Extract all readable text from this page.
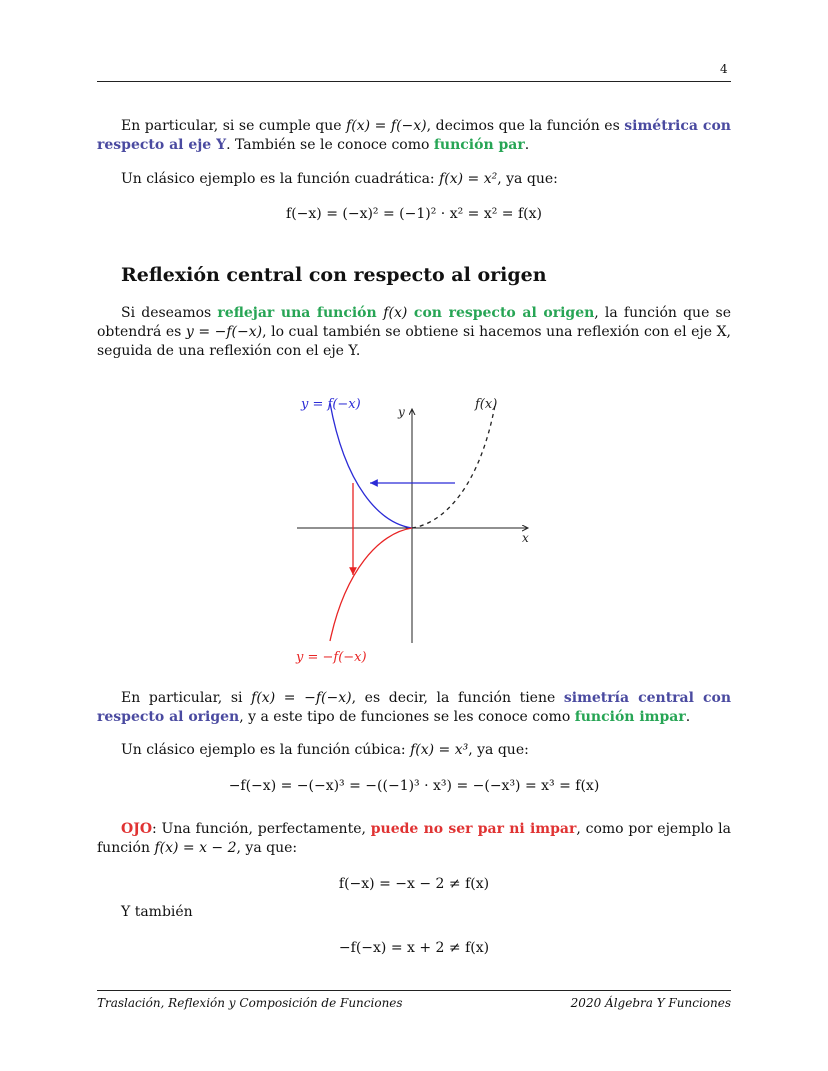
4
En particular, si se cumple que f(x) = f(−x), decimos que la función es simétrica con respecto al eje Y. También se le conoce como función par.
Un clásico ejemplo es la función cuadrática: f(x) = x², ya que:
f(−x) = (−x)² = (−1)² · x² = x² = f(x)
Reflexión central con respecto al origen
Si deseamos reflejar una función f(x) con respecto al origen, la función que se obtendrá es y = −f(−x), lo cual también se obtiene si hacemos una reflexión con el eje X, seguida de una reflexión con el eje Y.
y = f(−x)	f(x)
y
x
y = −f(−x)
En particular, si f(x) = −f(−x), es decir, la función tiene simetría central con respecto al origen, y a este tipo de funciones se les conoce como función impar.
Un clásico ejemplo es la función cúbica: f(x) = x³, ya que:
−f(−x) = −(−x)³ = −((−1)³ · x³) = −(−x³) = x³ = f(x)
OJO: Una función, perfectamente, puede no ser par ni impar, como por ejemplo la función f(x) = x − 2, ya que:
f(−x) = −x − 2 ≠ f(x)
Y también
−f(−x) = x + 2 ≠ f(x)
Traslación, Reflexión y Composición de Funciones	2020 Álgebra Y Funciones
